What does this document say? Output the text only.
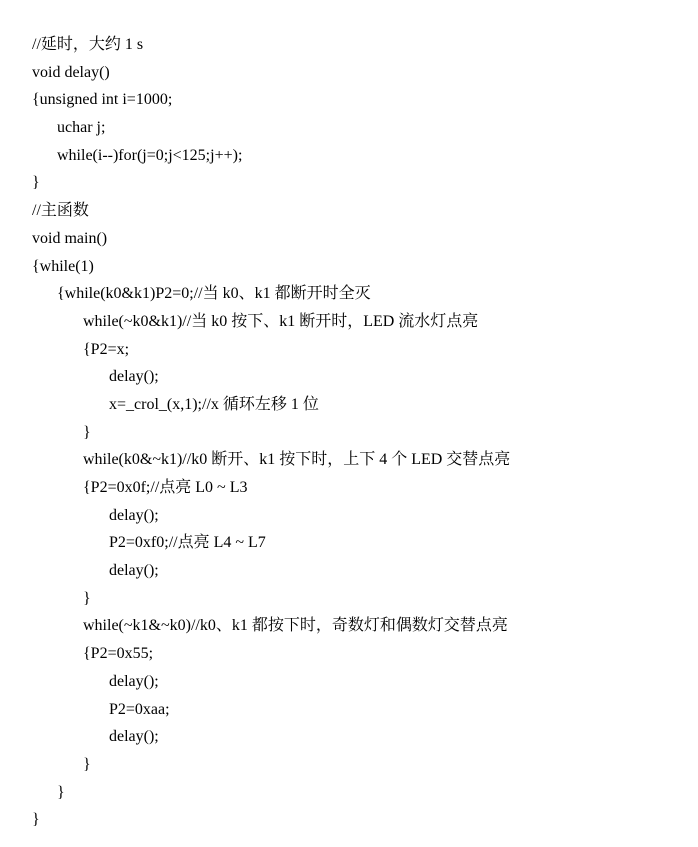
//延时，大约 1 s
void delay()
{unsigned int i=1000;
uchar j;
while(i--)for(j=0;j<125;j++);
}
//主函数
void main()
{while(1)
{while(k0&k1)P2=0;//当 k0、k1 都断开时全灭
while(~k0&k1)//当 k0 按下、k1 断开时，LED 流水灯点亮
{P2=x;
delay();
x=_crol_(x,1);//x 循环左移 1 位
}
while(k0&~k1)//k0 断开、k1 按下时，上下 4 个 LED 交替点亮
{P2=0x0f;//点亮 L0 ~ L3
delay();
P2=0xf0;//点亮 L4 ~ L7
delay();
}
while(~k1&~k0)//k0、k1 都按下时，奇数灯和偶数灯交替点亮
{P2=0x55;
delay();
P2=0xaa;
delay();
}
}
}
